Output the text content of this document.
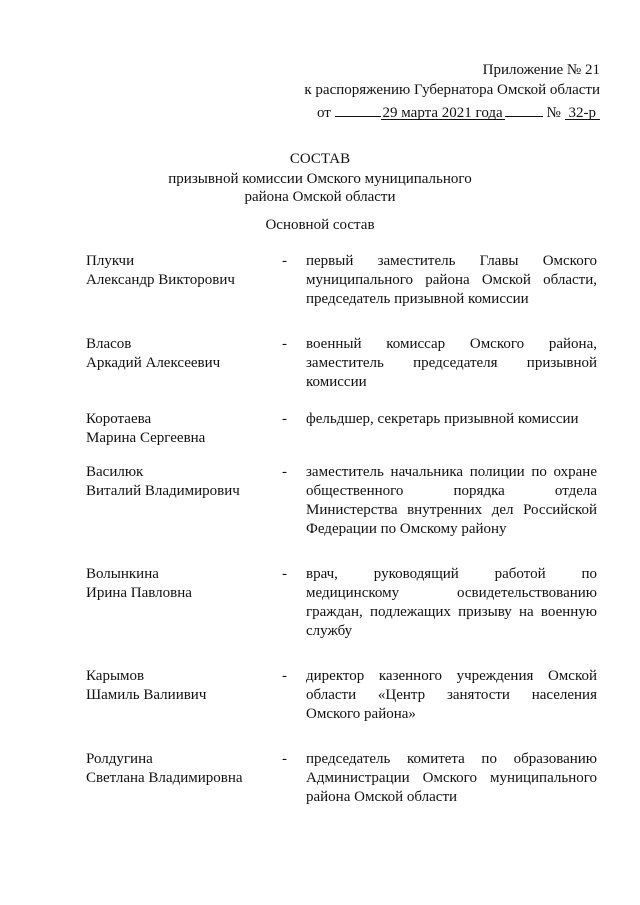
Приложение № 21
к распоряжению Губернатора Омской области
от	29 марта 2021 года	№ 32-р
СОСТАВ
призывной комиссии Омского муниципального
района Омской области
Основной состав
Плукчи
Александр Викторович
-	первый заместитель Главы Омского муниципального района Омской области, председатель призывной комиссии
Власов
Аркадий Алексеевич
-	военный комиссар Омского района, заместитель председателя призывной комиссии
Коротаева
Марина Сергеевна
-	фельдшер, секретарь призывной комиссии
Василюк
Виталий Владимирович
-	заместитель начальника полиции по охране общественного порядка отдела Министерства внутренних дел Российской Федерации по Омскому району
Волынкина
Ирина Павловна
-	врач, руководящий работой по медицинскому освидетельствованию граждан, подлежащих призыву на военную службу
Карымов
Шамиль Валиивич
-	директор казенного учреждения Омской области «Центр занятости населения Омского района»
Ролдугина
Светлана Владимировна
-	председатель комитета по образованию Администрации Омского муниципального района Омской области
